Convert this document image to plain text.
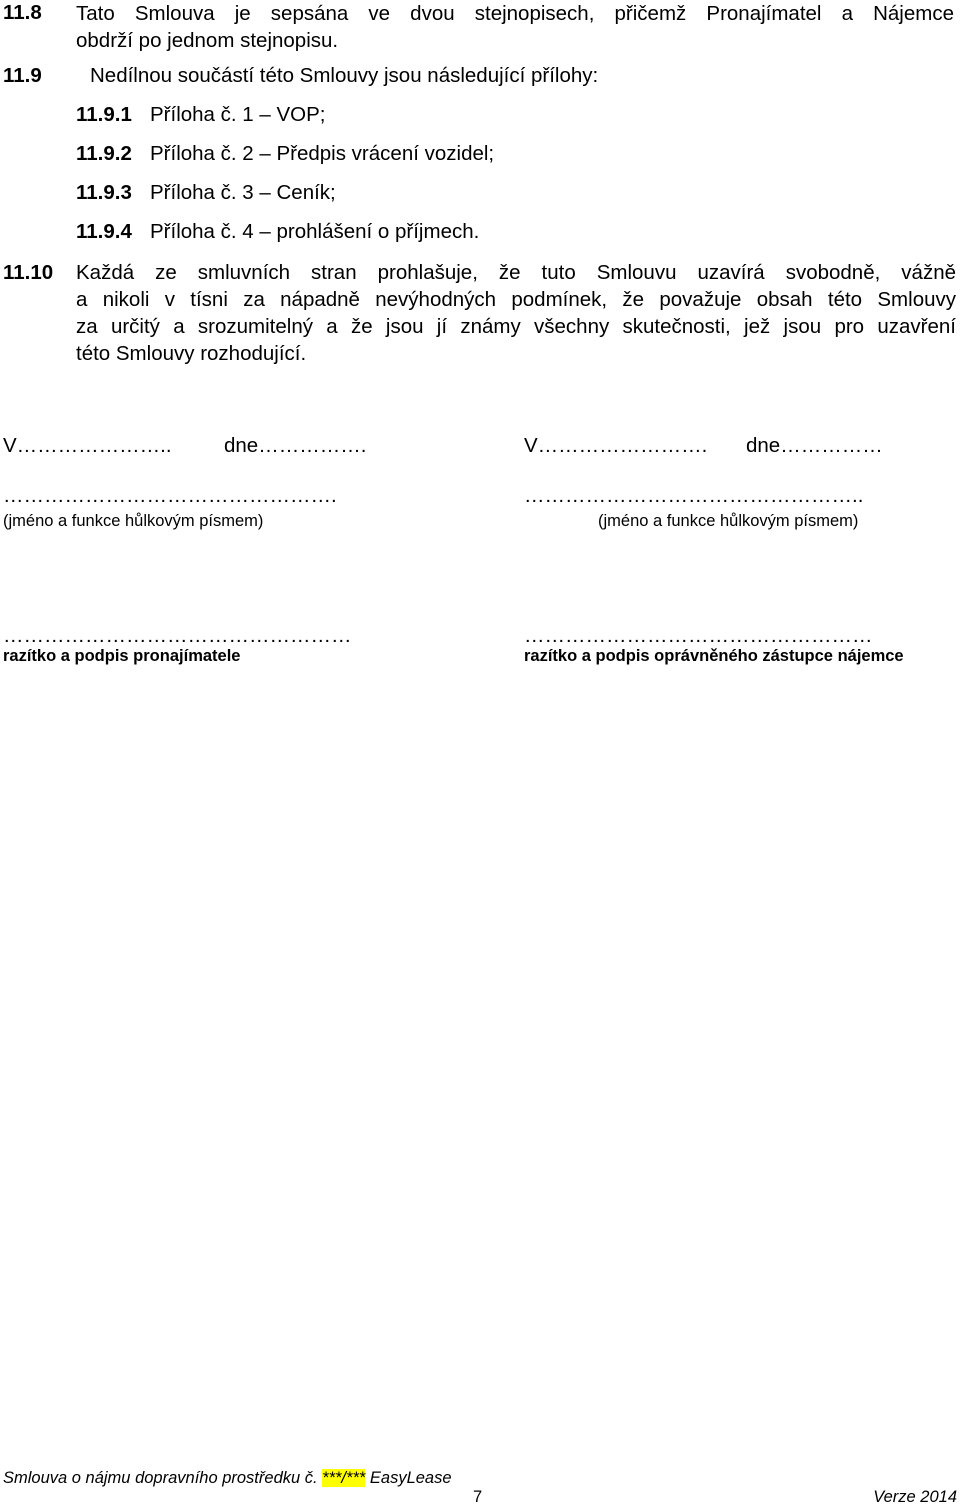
11.8 Tato Smlouva je sepsána ve dvou stejnopisech, přičemž Pronajímatel a Nájemce
obdrží po jednom stejnopisu.
11.9 Nedílnou součástí této Smlouvy jsou následující přílohy:
11.9.1 Příloha č. 1 – VOP;
11.9.2 Příloha č. 2 – Předpis vrácení vozidel;
11.9.3 Příloha č. 3 – Ceník;
11.9.4 Příloha č. 4 – prohlášení o příjmech.
11.10 Každá ze smluvních stran prohlašuje, že tuto Smlouvu uzavírá svobodně, vážně
a nikoli v tísni za nápadně nevýhodných podmínek, že považuje obsah této Smlouvy
za určitý a srozumitelný a že jsou jí známy všechny skutečnosti, jež jsou pro uzavření
této Smlouvy rozhodující.
V…………………..	dne…………….	V……………………. dne……………
………………………………………….
(jméno a funkce hůlkovým písmem)
…………………………………………..
(jméno a funkce hůlkovým písmem)
……………………………………………
razítko a podpis pronajímatele
……………………………………………
razítko a podpis oprávněného zástupce nájemce
Smlouva o nájmu dopravního prostředku č. ***/*** EasyLease
7	Verze 2014
